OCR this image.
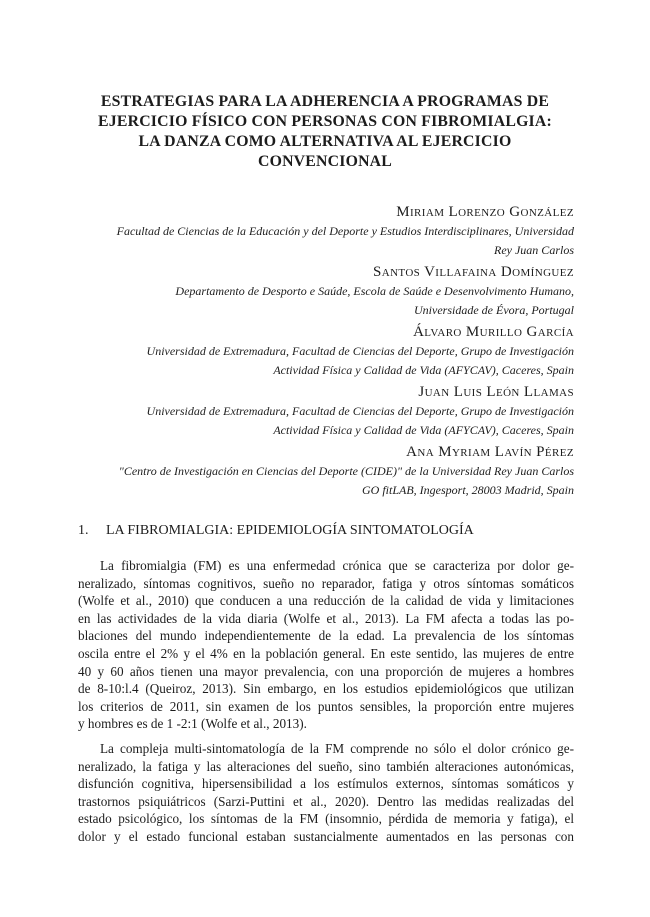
ESTRATEGIAS PARA LA ADHERENCIA A PROGRAMAS DE
EJERCICIO FÍSICO CON PERSONAS CON FIBROMIALGIA:
LA DANZA COMO ALTERNATIVA AL EJERCICIO
CONVENCIONAL
Miriam Lorenzo González
Facultad de Ciencias de la Educación y del Deporte y Estudios Interdisciplinares, Universidad
Rey Juan Carlos
Santos Villafaina Domínguez
Departamento de Desporto e Saúde, Escola de Saúde e Desenvolvimento Humano,
Universidade de Évora, Portugal
Álvaro Murillo García
Universidad de Extremadura, Facultad de Ciencias del Deporte, Grupo de Investigación
Actividad Física y Calidad de Vida (AFYCAV), Caceres, Spain
Juan Luis León Llamas
Universidad de Extremadura, Facultad de Ciencias del Deporte, Grupo de Investigación
Actividad Física y Calidad de Vida (AFYCAV), Caceres, Spain
Ana Myriam Lavín Pérez
"Centro de Investigación en Ciencias del Deporte (CIDE)" de la Universidad Rey Juan Carlos
GO fitLAB, Ingesport, 28003 Madrid, Spain
1. LA FIBROMIALGIA: EPIDEMIOLOGÍA SINTOMATOLOGÍA

La fibromialgia (FM) es una enfermedad crónica que se caracteriza por dolor ge-
neralizado, síntomas cognitivos, sueño no reparador, fatiga y otros síntomas somáticos
(Wolfe et al., 2010) que conducen a una reducción de la calidad de vida y limitaciones
en las actividades de la vida diaria (Wolfe et al., 2013). La FM afecta a todas las po-
blaciones del mundo independientemente de la edad. La prevalencia de los síntomas
oscila entre el 2% y el 4% en la población general. En este sentido, las mujeres de entre
40 y 60 años tienen una mayor prevalencia, con una proporción de mujeres a hombres
de 8-10:l.4 (Queiroz, 2013). Sin embargo, en los estudios epidemiológicos que utilizan
los criterios de 2011, sin examen de los puntos sensibles, la proporción entre mujeres
y hombres es de 1 -2:1 (Wolfe et al., 2013).

La compleja multi-sintomatología de la FM comprende no sólo el dolor crónico ge-
neralizado, la fatiga y las alteraciones del sueño, sino también alteraciones autonómicas,
disfunción cognitiva, hipersensibilidad a los estímulos externos, síntomas somáticos y
trastornos psiquiátricos (Sarzi-Puttini et al., 2020). Dentro las medidas realizadas del
estado psicológico, los síntomas de la FM (insomnio, pérdida de memoria y fatiga), el
dolor y el estado funcional estaban sustancialmente aumentados en las personas con
